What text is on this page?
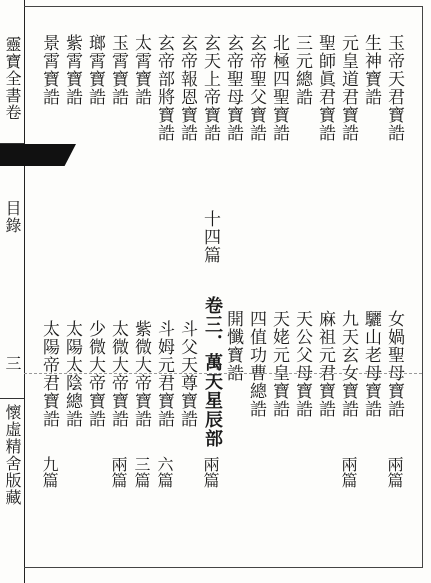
靈寶全書卷
目錄
三
懷虛精舍版藏
玉帝天君寶誥
生神寶誥
元皇道君寶誥
聖師眞君寶誥
三元總誥
北極四聖寶誥
玄帝聖父寶誥
玄帝聖母寶誥
玄天上帝寶誥
玄帝報恩寶誥
玄帝部將寶誥
太霄寶誥
玉霄寶誥
瑯霄寶誥
紫霄寶誥
景霄寶誥
十四篇
女媧聖母寶誥
驪山老母寶誥
九天玄女寶誥
麻祖元君寶誥
天公父母寶誥
天姥元皇寶誥
四值功曹總誥
開懺寶誥
卷三．萬天星辰部
斗父天尊寶誥
斗姆元君寶誥
紫微大帝寶誥
太微大帝寶誥
少微大帝寶誥
太陽太陰總誥
太陽帝君寶誥
兩篇
兩篇
兩篇
六篇
三篇
兩篇
九篇
